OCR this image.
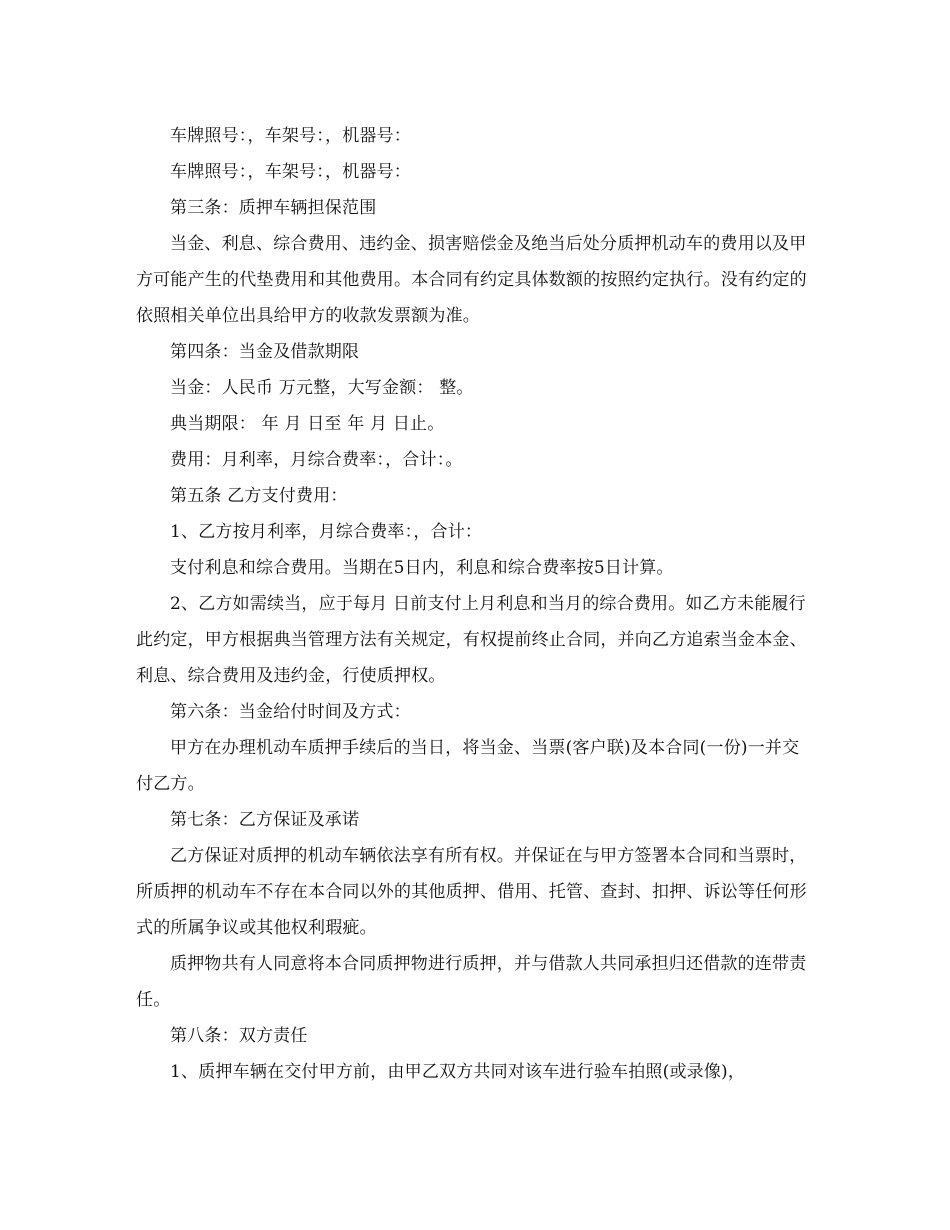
车牌照号：，车架号：，机器号：

车牌照号：，车架号：，机器号：

第三条：质押车辆担保范围

当金、利息、综合费用、违约金、损害赔偿金及绝当后处分质押机动车的费用以及甲方可能产生的代垫费用和其他费用。本合同有约定具体数额的按照约定执行。没有约定的依照相关单位出具给甲方的收款发票额为准。

第四条：当金及借款期限

当金：人民币 万元整，大写金额： 整。

典当期限： 年 月 日至 年 月 日止。

费用：月利率，月综合费率：，合计：。

第五条 乙方支付费用：

1、乙方按月利率，月综合费率：，合计：

支付利息和综合费用。当期在5日内，利息和综合费率按5日计算。

2、乙方如需续当，应于每月 日前支付上月利息和当月的综合费用。如乙方未能履行此约定，甲方根据典当管理方法有关规定，有权提前终止合同，并向乙方追索当金本金、利息、综合费用及违约金，行使质押权。

第六条：当金给付时间及方式：

甲方在办理机动车质押手续后的当日，将当金、当票(客户联)及本合同(一份)一并交付乙方。

第七条：乙方保证及承诺

乙方保证对质押的机动车辆依法享有所有权。并保证在与甲方签署本合同和当票时，所质押的机动车不存在本合同以外的其他质押、借用、托管、查封、扣押、诉讼等任何形式的所属争议或其他权利瑕疵。

质押物共有人同意将本合同质押物进行质押，并与借款人共同承担归还借款的连带责任。

第八条：双方责任

1、质押车辆在交付甲方前，由甲乙双方共同对该车进行验车拍照(或录像)，
